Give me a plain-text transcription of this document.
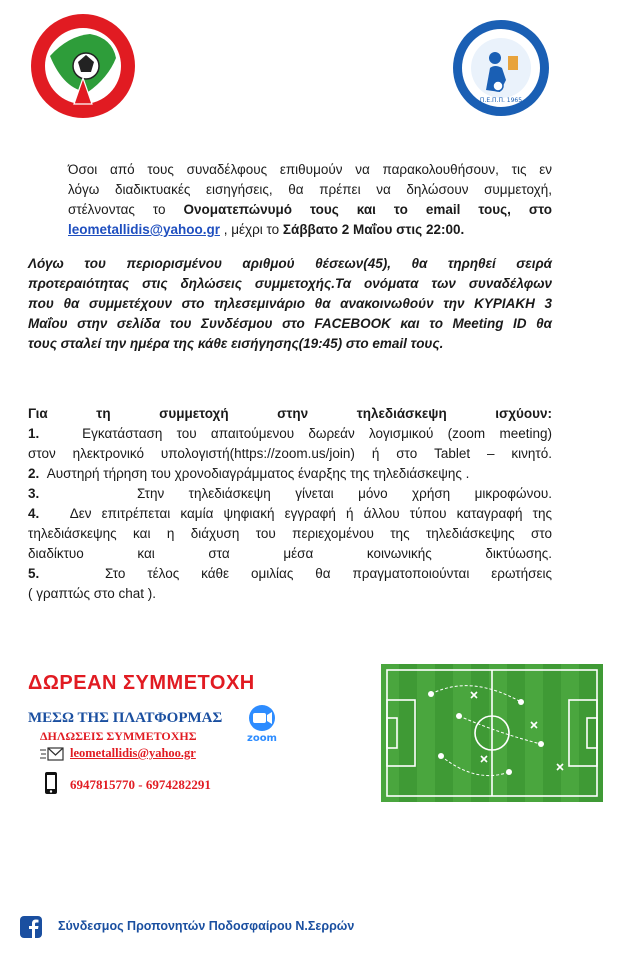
Π.Ε.Π.Π. 1965
Όσοι από τους συναδέλφους επιθυμούν να παρακολουθήσουν, τις εν
λόγω διαδικτυακές εισηγήσεις, θα πρέπει να δηλώσουν συμμετοχή,
στέλνοντας το Ονοματεπώνυμό τους και το email τους, στο
leometallidis@yahoo.gr , μέχρι το Σάββατο 2 Μαΐου στις 22:00.
Λόγω του περιορισμένου αριθμού θέσεων(45), θα τηρηθεί σειρά
προτεραιότητας στις δηλώσεις συμμετοχής.Τα ονόματα των συναδέλφων
που θα συμμετέχουν στο τηλεσεμινάριο θα ανακοινωθούν την ΚΥΡΙΑΚΗ 3
Μαΐου στην σελίδα του Συνδέσμου στο FACEBOOK και το Meeting ID θα
τους σταλεί την ημέρα της κάθε εισήγησης(19:45) στο email τους.
Για τη συμμετοχή στην τηλεδιάσκεψη ισχύουν:
1.	Εγκατάσταση του απαιτούμενου δωρεάν λογισμικού (zoom meeting)
στον ηλεκτρονικό υπολογιστή(https://zoom.us/join) ή στο Tablet – κινητό.
2. Αυστηρή τήρηση του χρονοδιαγράμματος έναρξης της τηλεδιάσκεψης .
3.	Στην τηλεδιάσκεψη γίνεται μόνο χρήση μικροφώνου.
4. Δεν επιτρέπεται καμία ψηφιακή εγγραφή ή άλλου τύπου καταγραφή της
τηλεδιάσκεψης και η διάχυση του περιεχομένου της τηλεδιάσκεψης στο
διαδίκτυο και στα μέσα κοινωνικής δικτύωσης.
5.	Στο τέλος κάθε ομιλίας θα πραγματοποιούνται ερωτήσεις
( γραπτώς στο chat ).
ΔΩΡΕΑΝ ΣΥΜΜΕΤΟΧΗ
ΜΕΣΩ ΤΗΣ ΠΛΑΤΦΟΡΜΑΣ
ΔΗΛΩΣΕΙΣ ΣΥΜΜΕΤΟΧΗΣ	zoom
leometallidis@yahoo.gr
6947815770 - 6974282291
Σύνδεσμος Προπονητών Ποδοσφαίρου Ν.Σερρών
